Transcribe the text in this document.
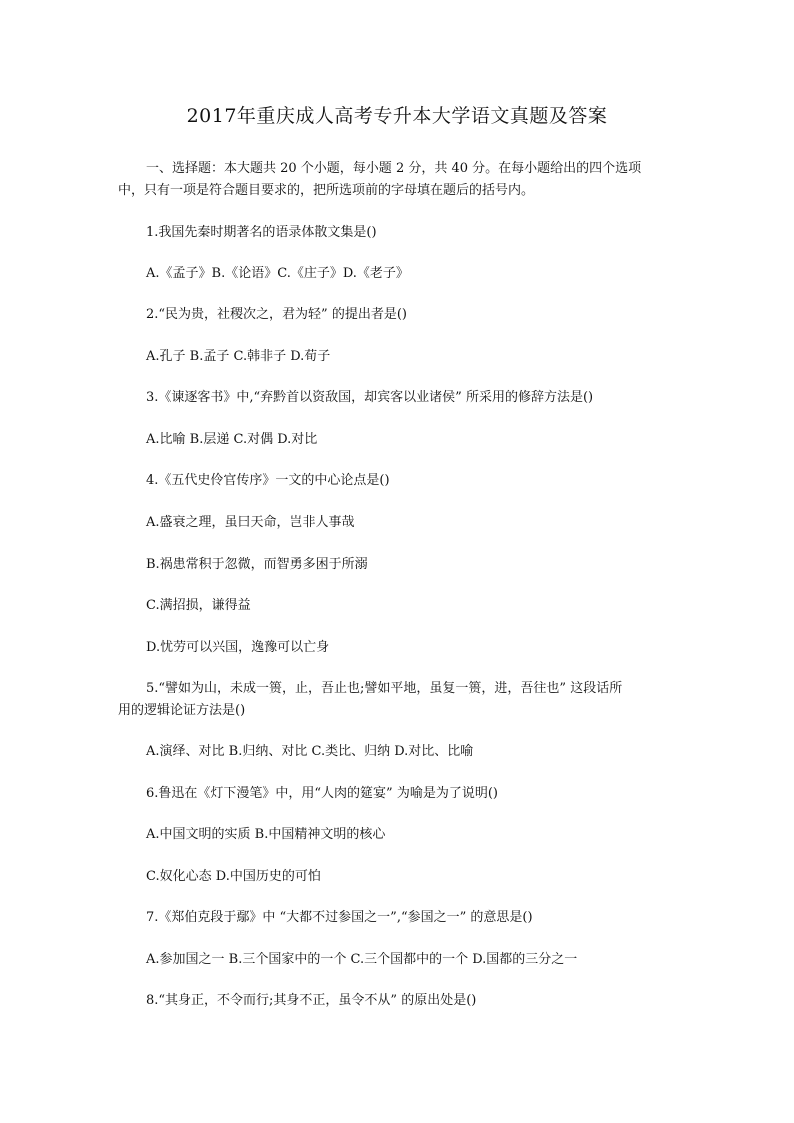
2017年重庆成人高考专升本大学语文真题及答案
一、选择题：本大题共 20 个小题，每小题 2 分，共 40 分。在每小题给出的四个选项
中，只有一项是符合题目要求的，把所选项前的字母填在题后的括号内。
1.我国先秦时期著名的语录体散文集是()
A.《孟子》B.《论语》C.《庄子》D.《老子》
2.“民为贵，社稷次之，君为轻” 的提出者是()
A.孔子 B.孟子 C.韩非子 D.荀子
3.《谏逐客书》中,“弃黔首以资敌国，却宾客以业诸侯” 所采用的修辞方法是()
A.比喻 B.层递 C.对偶 D.对比
4.《五代史伶官传序》一文的中心论点是()
A.盛衰之理，虽曰天命，岂非人事哉
B.祸患常积于忽微，而智勇多困于所溺
C.满招损，谦得益
D.忧劳可以兴国，逸豫可以亡身
5.“譬如为山，未成一篑，止，吾止也;譬如平地，虽复一篑，进，吾往也” 这段话所
用的逻辑论证方法是()
A.演绎、对比 B.归纳、对比 C.类比、归纳 D.对比、比喻
6.鲁迅在《灯下漫笔》中，用“人肉的筵宴” 为喻是为了说明()
A.中国文明的实质 B.中国精神文明的核心
C.奴化心态 D.中国历史的可怕
7.《郑伯克段于鄢》中 “大都不过参国之一”,“参国之一” 的意思是()
A.参加国之一 B.三个国家中的一个 C.三个国都中的一个 D.国都的三分之一
8.“其身正，不令而行;其身不正，虽令不从” 的原出处是()
